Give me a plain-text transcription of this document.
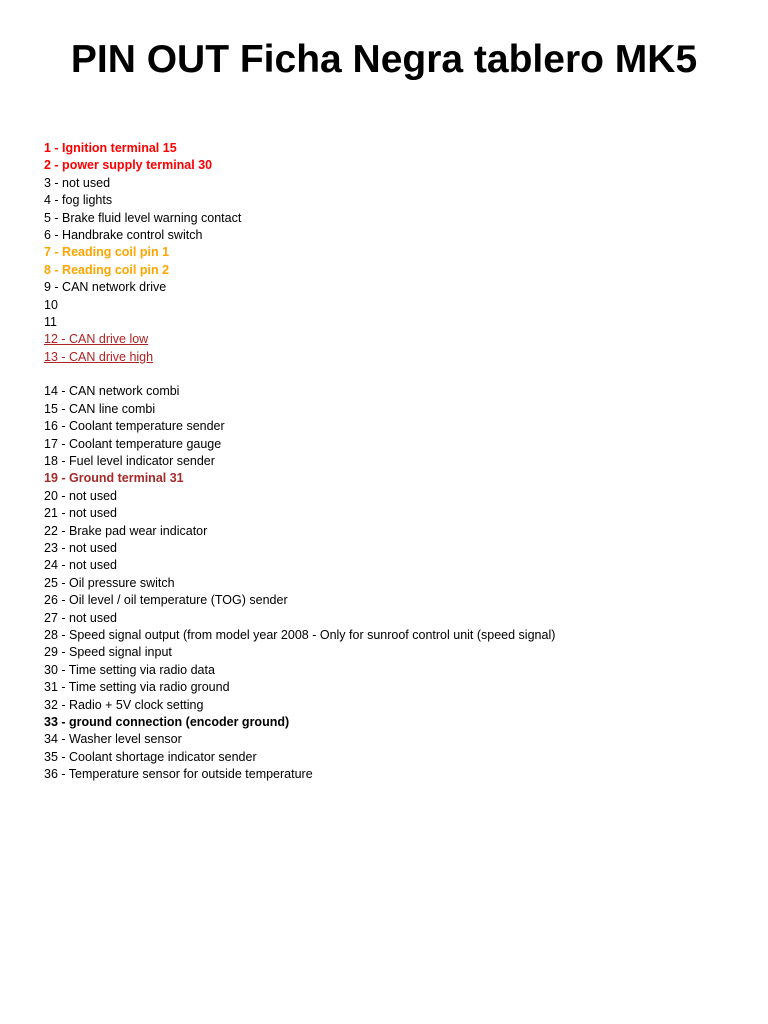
PIN OUT Ficha Negra tablero MK5
1 - Ignition terminal 15
2 - power supply terminal 30
3 - not used
4 - fog lights
5 - Brake fluid level warning contact
6 - Handbrake control switch
7 - Reading coil pin 1
8 - Reading coil pin 2
9 - CAN network drive
10
11
12 - CAN drive low
13 - CAN drive high

14 - CAN network combi
15 - CAN line combi
16 - Coolant temperature sender
17 - Coolant temperature gauge
18 - Fuel level indicator sender
19 - Ground terminal 31
20 - not used
21 - not used
22 - Brake pad wear indicator
23 - not used
24 - not used
25 - Oil pressure switch
26 - Oil level / oil temperature (TOG) sender
27 - not used
28 - Speed signal output (from model year 2008 - Only for sunroof control unit (speed signal)
29 - Speed signal input
30 - Time setting via radio data
31 - Time setting via radio ground
32 - Radio + 5V clock setting
33 - ground connection (encoder ground)
34 - Washer level sensor
35 - Coolant shortage indicator sender
36 - Temperature sensor for outside temperature
